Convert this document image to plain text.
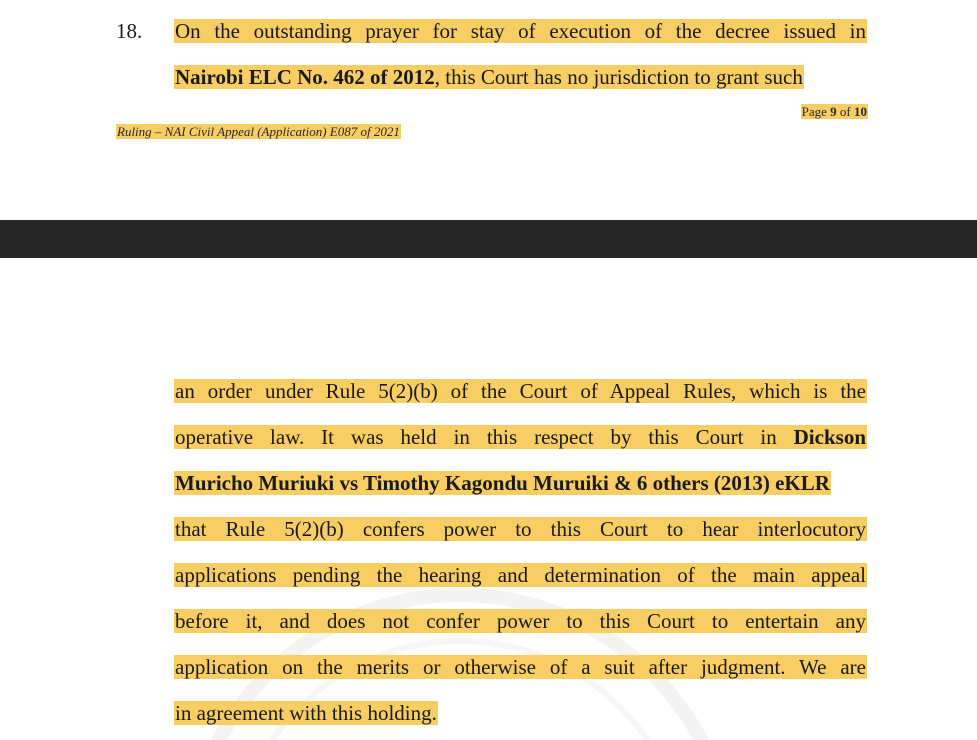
18. On the outstanding prayer for stay of execution of the decree issued in
Nairobi ELC No. 462 of 2012, this Court has no jurisdiction to grant such
Page 9 of 10
Ruling – NAI Civil Appeal (Application) E087 of 2021
an order under Rule 5(2)(b) of the Court of Appeal Rules, which is the
operative law. It was held in this respect by this Court in Dickson
Muricho Muriuki vs Timothy Kagondu Muruiki & 6 others (2013) eKLR
that Rule 5(2)(b) confers power to this Court to hear interlocutory
applications pending the hearing and determination of the main appeal
before it, and does not confer power to this Court to entertain any
application on the merits or otherwise of a suit after judgment. We are
in agreement with this holding.
